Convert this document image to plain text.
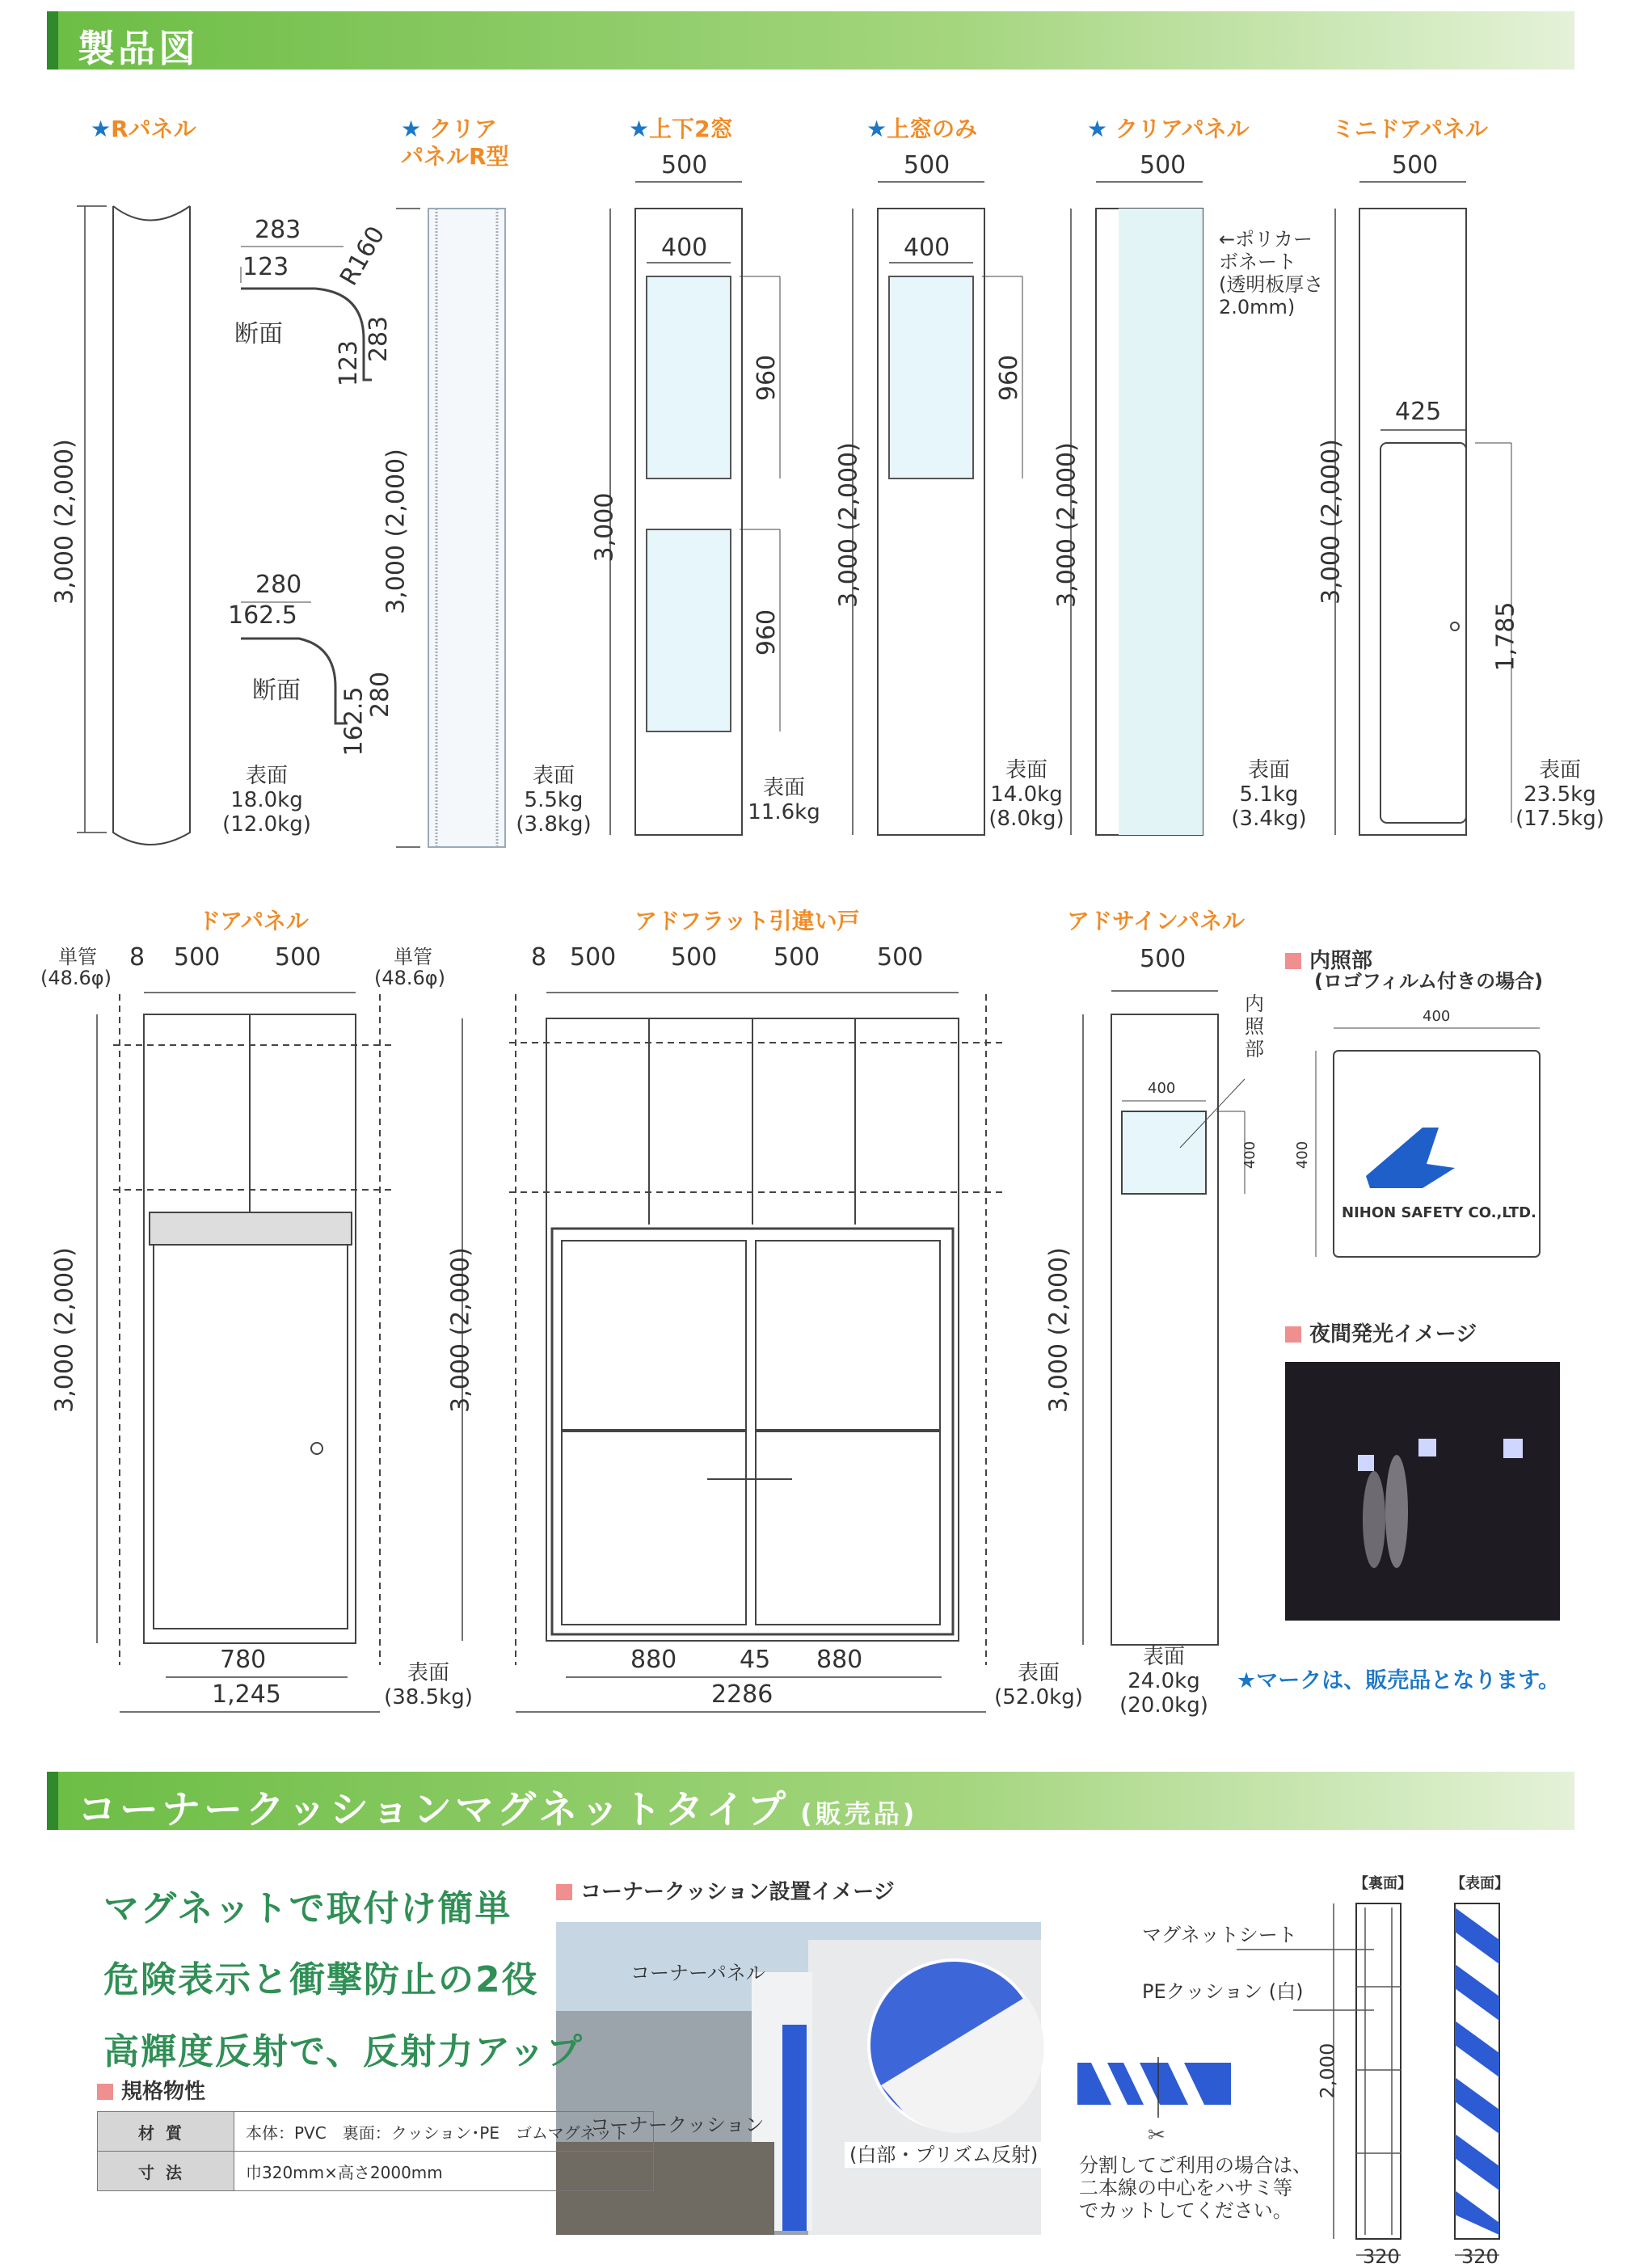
製品図
✂
★Rパネル	★ クリア
パネルR型
★上下2窓	★上窓のみ	★ クリアパネル	ミニドアパネル
3,000 (2,000)
283
123 R160
断面	283
123
280
162.5
断面	280
162.5
表面
18.0kg
(12.0kg)
3,000 (2,000)
表面
5.5kg
(3.8kg)
500
400
960
960
3,000
表面
11.6kg
500
400
960
3,000 (2,000)
表面
14.0kg
(8.0kg)
500
←ポリカー
ボネート
(透明板厚さ
2.0mm)
3,000 (2,000)
表面
5.1kg
(3.4kg)
500
425
1,785
3,000 (2,000)
表面
23.5kg
(17.5kg)
ドアパネル
単管
(48.6φ)
単管
(48.6φ)
8 500 500
3,000 (2,000)
780
1,245
表面
(38.5kg)
アドフラット引違い戸
8 500 500 500 500
3,000 (2,000)
880	45 880
2286
表面
(52.0kg)
アドサインパネル
500
内
照
部
400
400
3,000 (2,000)
表面
24.0kg
(20.0kg)
内照部
(ロゴフィルム付きの場合)
400
400
NIHON SAFETY CO.,LTD.
夜間発光イメージ
★マークは、販売品となります。
コーナークッションマグネットタイプ (販売品)
マグネットで取付け簡単
危険表示と衝撃防止の2役
高輝度反射で、反射力アップ
規格物性
材質	本体：PVC　裏面：クッション･PE　ゴムマグネット
寸法	巾320mm×高さ2000mm
コーナークッション設置イメージ
コーナーパネル
コーナークッション
(白部・プリズム反射)
【裏面】	【表面】
マグネットシート
PEクッション (白)
2,000
320	320
分割してご利用の場合は、
二本線の中心をハサミ等
でカットしてください。
